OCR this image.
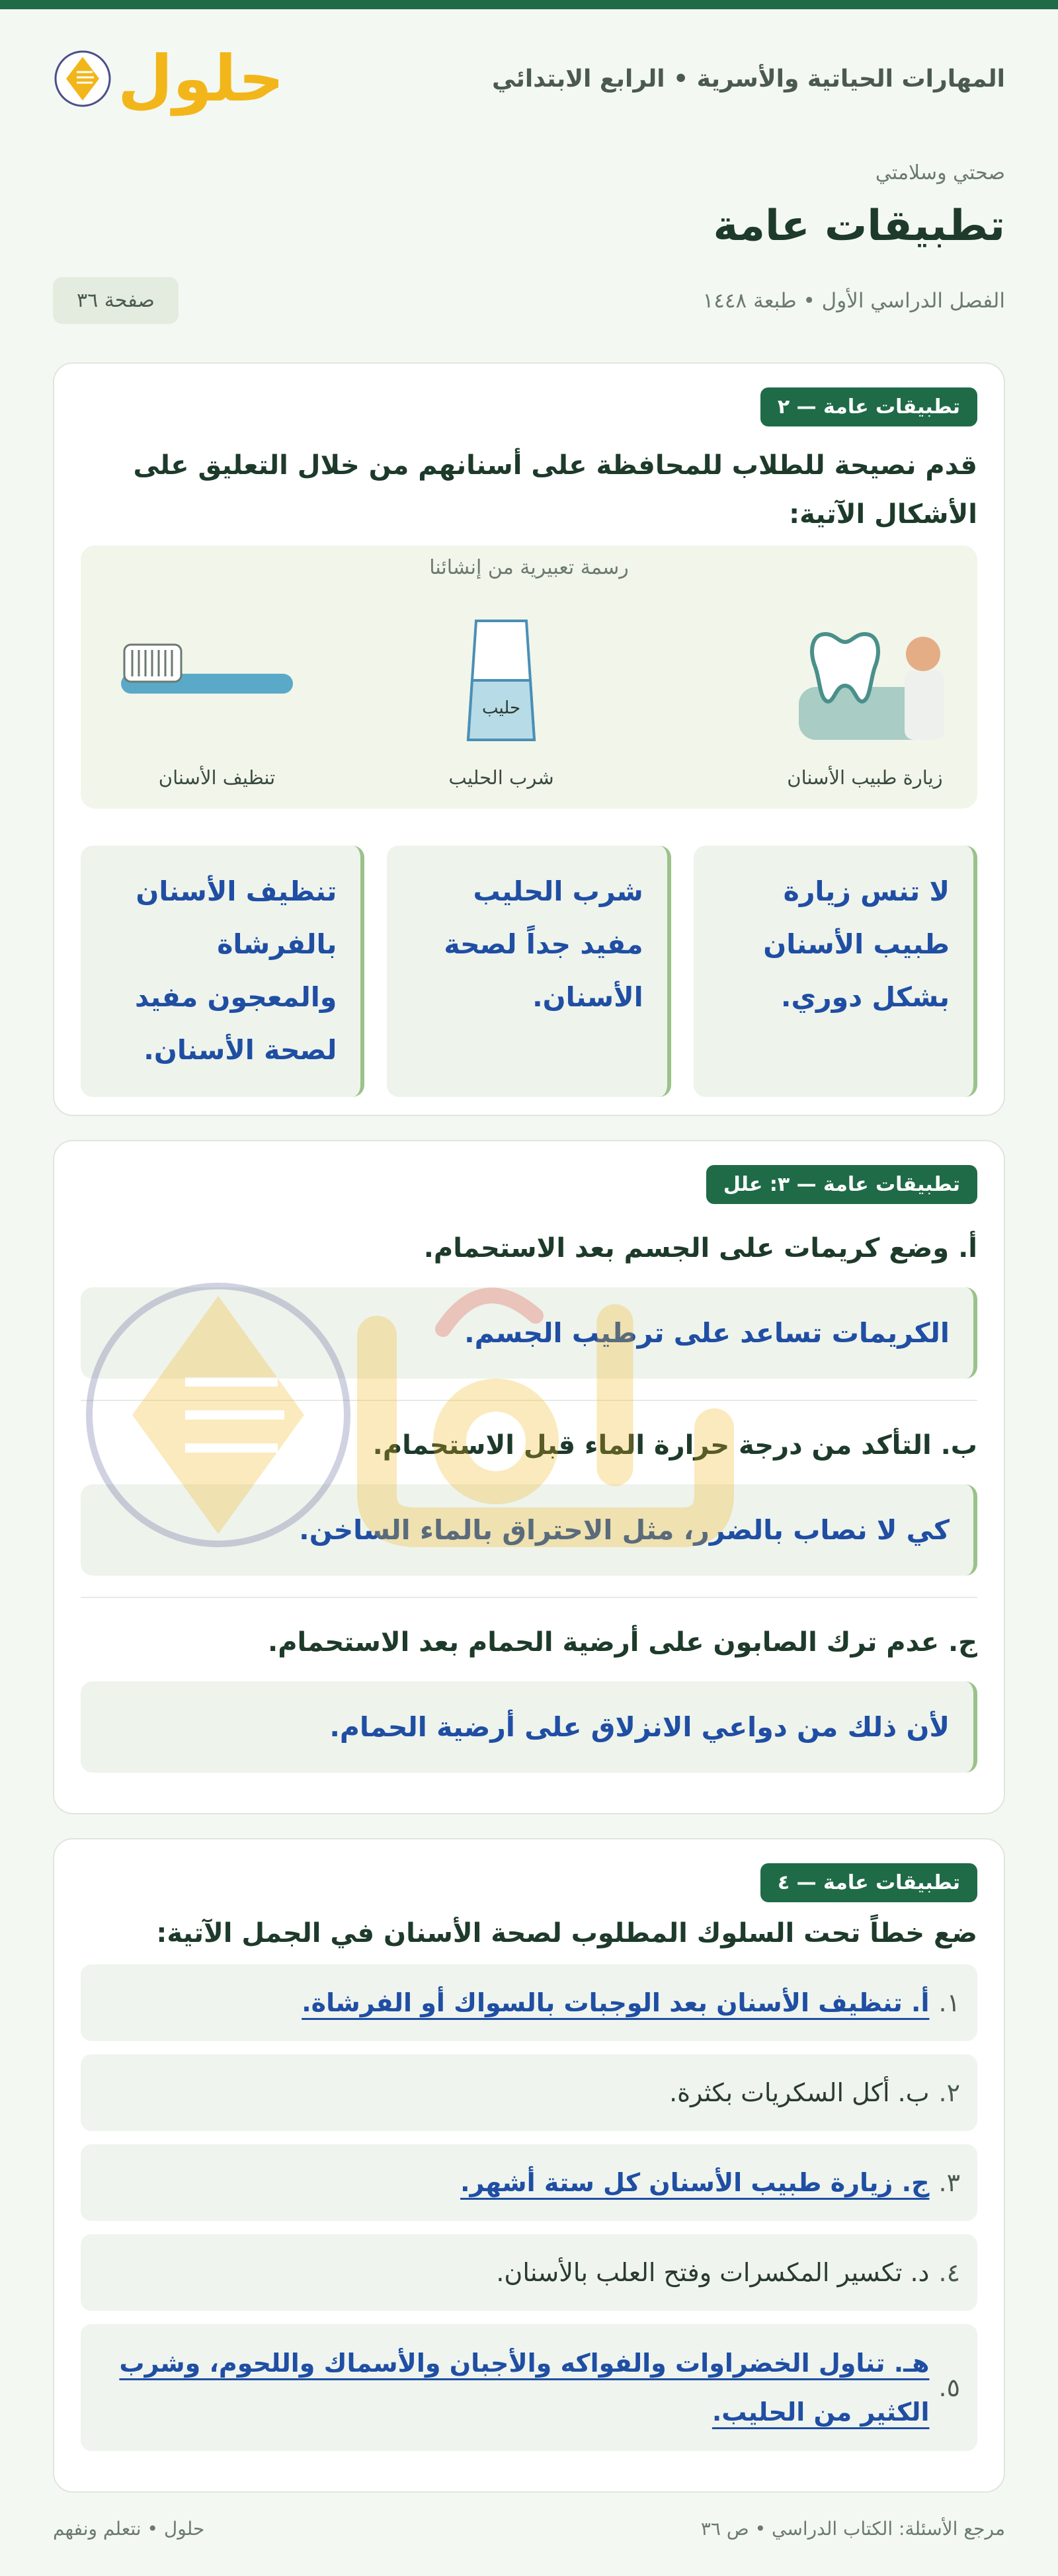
المهارات الحياتية والأسرية • الرابع الابتدائي
حلول
صحتي وسلامتي
تطبيقات عامة
الفصل الدراسي الأول • طبعة ١٤٤٨
صفحة ٣٦
تطبيقات عامة — ٢
قدم نصيحة للطلاب للمحافظة على أسنانهم من خلال التعليق على الأشكال الآتية:
رسمة تعبيرية من إنشائنا
زيارة طبيب الأسنان
حليب
شرب الحليب
تنظيف الأسنان
لا تنس زيارة طبيب الأسنان بشكل دوري.
شرب الحليب مفيد جداً لصحة الأسنان.
تنظيف الأسنان بالفرشاة والمعجون مفيد لصحة الأسنان.
تطبيقات عامة — ٣: علل
أ. وضع كريمات على الجسم بعد الاستحمام.
الكريمات تساعد على ترطيب الجسم.
ب. التأكد من درجة حرارة الماء قبل الاستحمام.
كي لا نصاب بالضرر، مثل الاحتراق بالماء الساخن.
ج. عدم ترك الصابون على أرضية الحمام بعد الاستحمام.
لأن ذلك من دواعي الانزلاق على أرضية الحمام.
تطبيقات عامة — ٤
ضع خطاً تحت السلوك المطلوب لصحة الأسنان في الجمل الآتية:
١.
أ. تنظيف الأسنان بعد الوجبات بالسواك أو الفرشاة.
٢.
ب. أكل السكريات بكثرة.
٣.
ج. زيارة طبيب الأسنان كل ستة أشهر.
٤.
د. تكسير المكسرات وفتح العلب بالأسنان.
٥.
هـ. تناول الخضراوات والفواكه والأجبان والأسماك واللحوم، وشرب الكثير من الحليب.
مرجع الأسئلة: الكتاب الدراسي • ص ٣٦
حلول • نتعلم ونفهم
